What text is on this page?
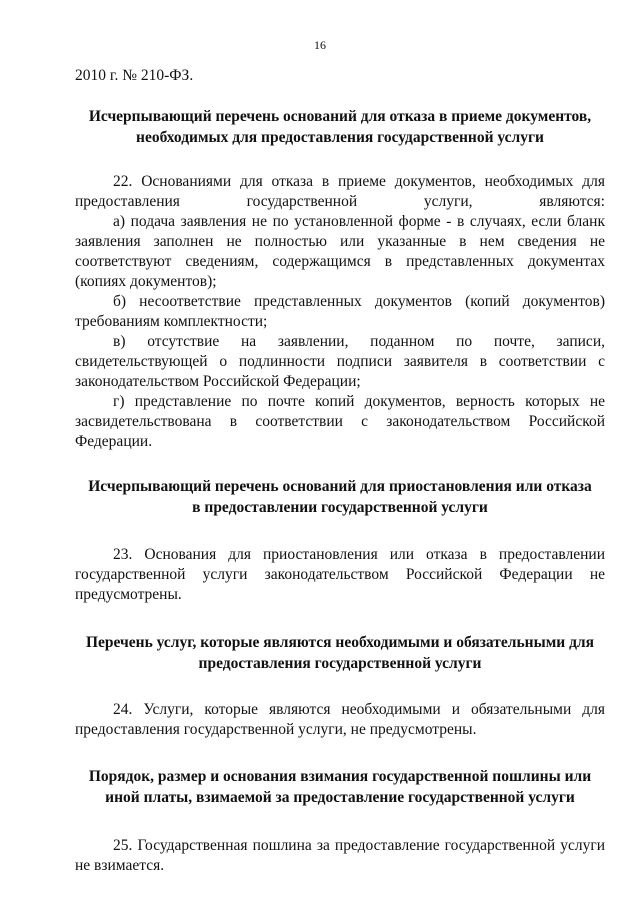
16

2010 г. № 210-ФЗ.

Исчерпывающий перечень оснований для отказа в приеме документов, необходимых для предоставления государственной услуги

22. Основаниями для отказа в приеме документов, необходимых для предоставления государственной услуги, являются:

а) подача заявления не по установленной форме - в случаях, если бланк заявления заполнен не полностью или указанные в нем сведения не соответствуют сведениям, содержащимся в представленных документах (копиях документов);

б) несоответствие представленных документов (копий документов) требованиям комплектности;

в) отсутствие на заявлении, поданном по почте, записи, свидетельствующей о подлинности подписи заявителя в соответствии с законодательством Российской Федерации;

г) представление по почте копий документов, верность которых не засвидетельствована в соответствии с законодательством Российской Федерации.

Исчерпывающий перечень оснований для приостановления или отказа в предоставлении государственной услуги

23. Основания для приостановления или отказа в предоставлении государственной услуги законодательством Российской Федерации не предусмотрены.

Перечень услуг, которые являются необходимыми и обязательными для предоставления государственной услуги

24. Услуги, которые являются необходимыми и обязательными для предоставления государственной услуги, не предусмотрены.

Порядок, размер и основания взимания государственной пошлины или иной платы, взимаемой за предоставление государственной услуги

25. Государственная пошлина за предоставление государственной услуги не взимается.
